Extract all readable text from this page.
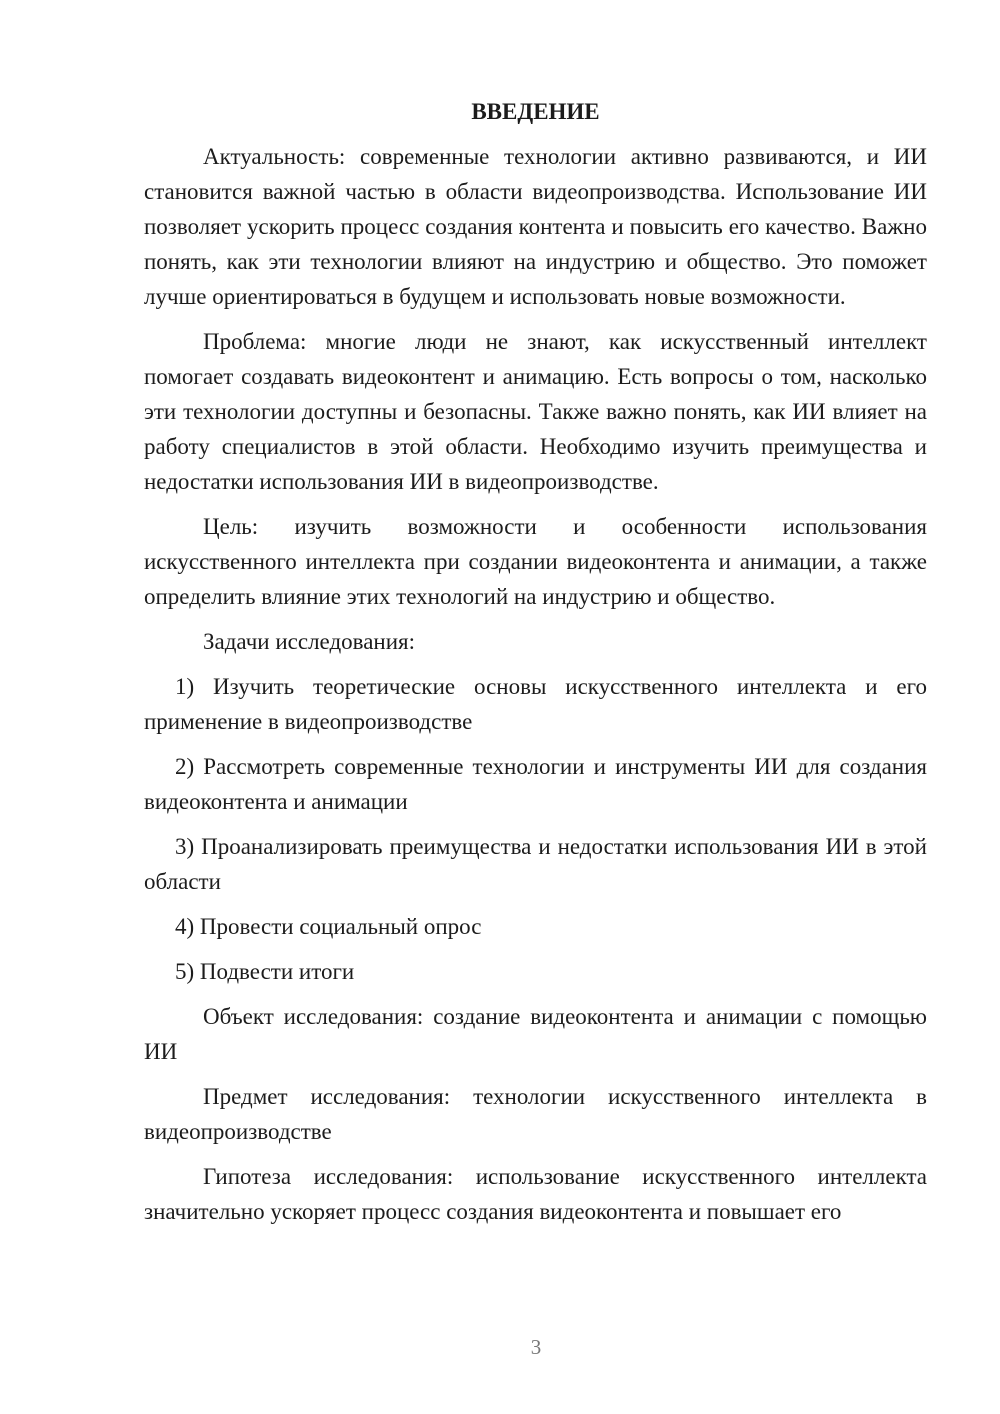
ВВЕДЕНИЕ

Актуальность: современные технологии активно развиваются, и ИИ становится важной частью в области видеопроизводства. Использование ИИ позволяет ускорить процесс создания контента и повысить его качество. Важно понять, как эти технологии влияют на индустрию и общество. Это поможет лучше ориентироваться в будущем и использовать новые возможности.

Проблема: многие люди не знают, как искусственный интеллект помогает создавать видеоконтент и анимацию. Есть вопросы о том, насколько эти технологии доступны и безопасны. Также важно понять, как ИИ влияет на работу специалистов в этой области. Необходимо изучить преимущества и недостатки использования ИИ в видеопроизводстве.

Цель: изучить возможности и особенности использования искусственного интеллекта при создании видеоконтента и анимации, а также определить влияние этих технологий на индустрию и общество.

Задачи исследования:

1) Изучить теоретические основы искусственного интеллекта и его применение в видеопроизводстве

2) Рассмотреть современные технологии и инструменты ИИ для создания видеоконтента и анимации

3) Проанализировать преимущества и недостатки использования ИИ в этой области

4) Провести социальный опрос

5) Подвести итоги

Объект исследования: создание видеоконтента и анимации с помощью ИИ

Предмет исследования: технологии искусственного интеллекта в видеопроизводстве

Гипотеза исследования: использование искусственного интеллекта значительно ускоряет процесс создания видеоконтента и повышает его

3
